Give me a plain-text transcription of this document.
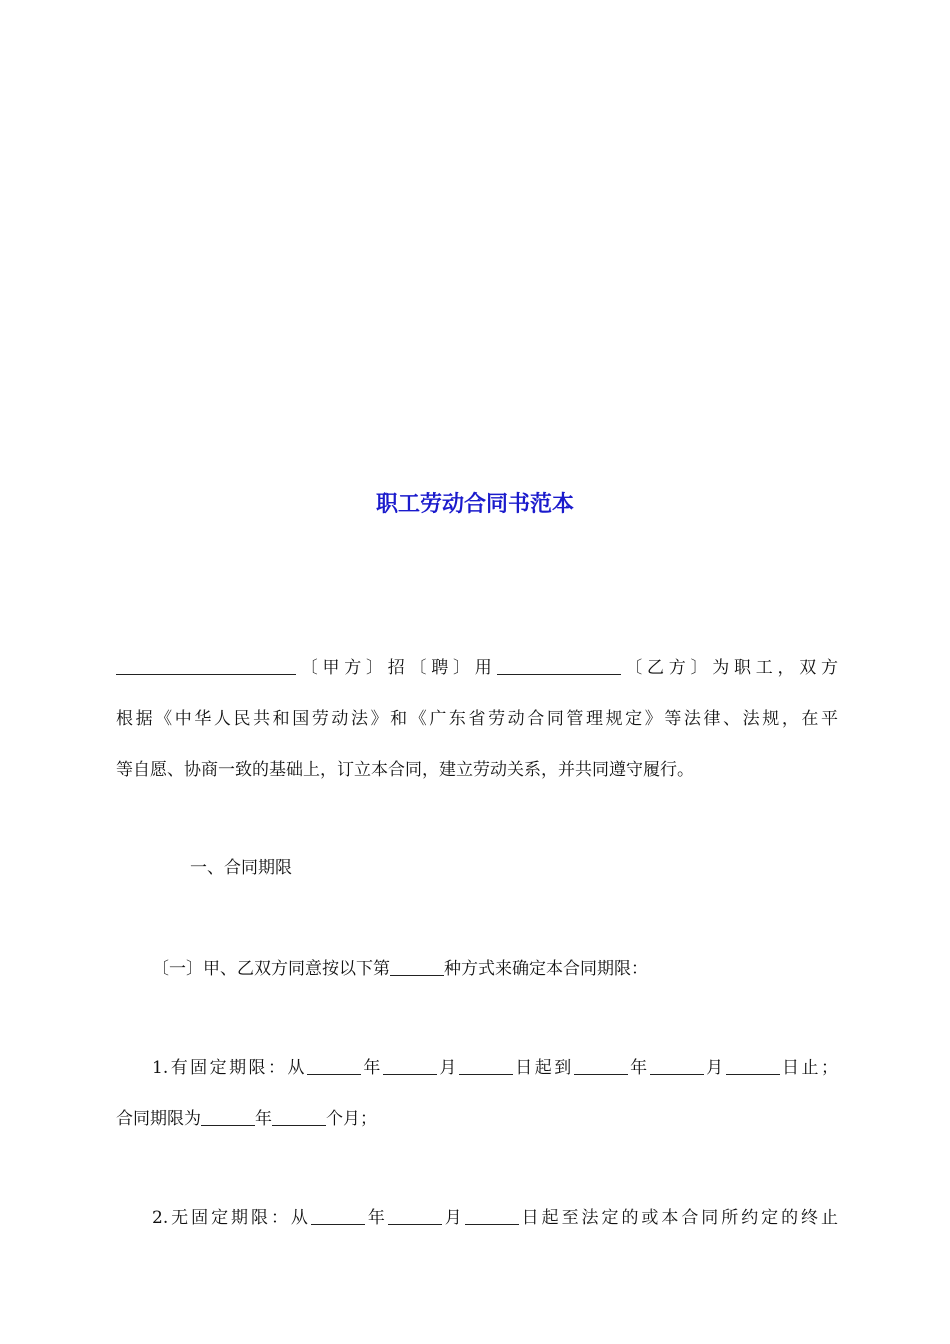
职工劳动合同书范本
〔甲方〕招〔聘〕用	〔乙方〕为职工，双方
根据《中华人民共和国劳动法》和《广东省劳动合同管理规定》等法律、法规，在平
等自愿、协商一致的基础上，订立本合同，建立劳动关系，并共同遵守履行。
一、合同期限
〔一〕甲、乙双方同意按以下第	种方式来确定本合同期限：
1.有固定期限：从	年	月	日起到	年	月	日止；
合同期限为	年	个月；
2.无固定期限：从	年	月	日起至法定的或本合同所约定的终止
